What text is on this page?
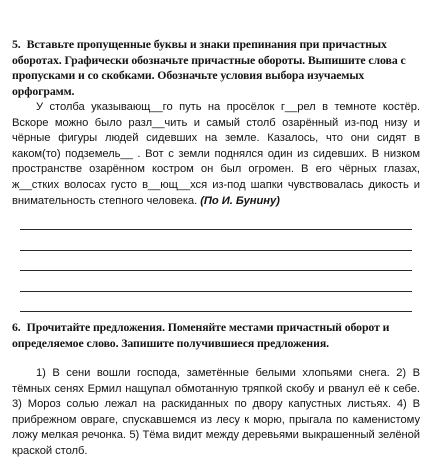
5. Вставьте пропущенные буквы и знаки препинания при причастных оборотах. Графически обозначьте причастные обороты. Выпишите слова с пропусками и со скобками. Обозначьте условия выбора изучаемых орфограмм.

У столба указывающ__го путь на просёлок г__рел в темноте костёр. Вскоре можно было разл__чить и самый столб озарённый из-под низу и чёрные фигуры людей сидевших на земле. Казалось, что они сидят в каком(то) подземель__ . Вот с земли поднялся один из сидевших. В низком пространстве озарённом костром он был огромен. В его чёрных глазах, ж__стких волосах густо в__ющ__хся из-под шапки чувствовалась дикость и внимательность степного человека. (По И. Бунину)

6. Прочитайте предложения. Поменяйте местами причастный оборот и определяемое слово. Запишите получившиеся предложения.

1) В сени вошли господа, заметённые белыми хлопьями снега. 2) В тёмных сенях Ермил нащупал обмотанную тряпкой скобу и рванул её к себе. 3) Мороз солью лежал на раскиданных по двору капустных листьях. 4) В прибрежном овраге, спускавшемся из лесу к морю, прыгала по каменистому ложу мелкая речонка. 5) Тёма видит между деревьями выкрашенный зелёной краской столб.
